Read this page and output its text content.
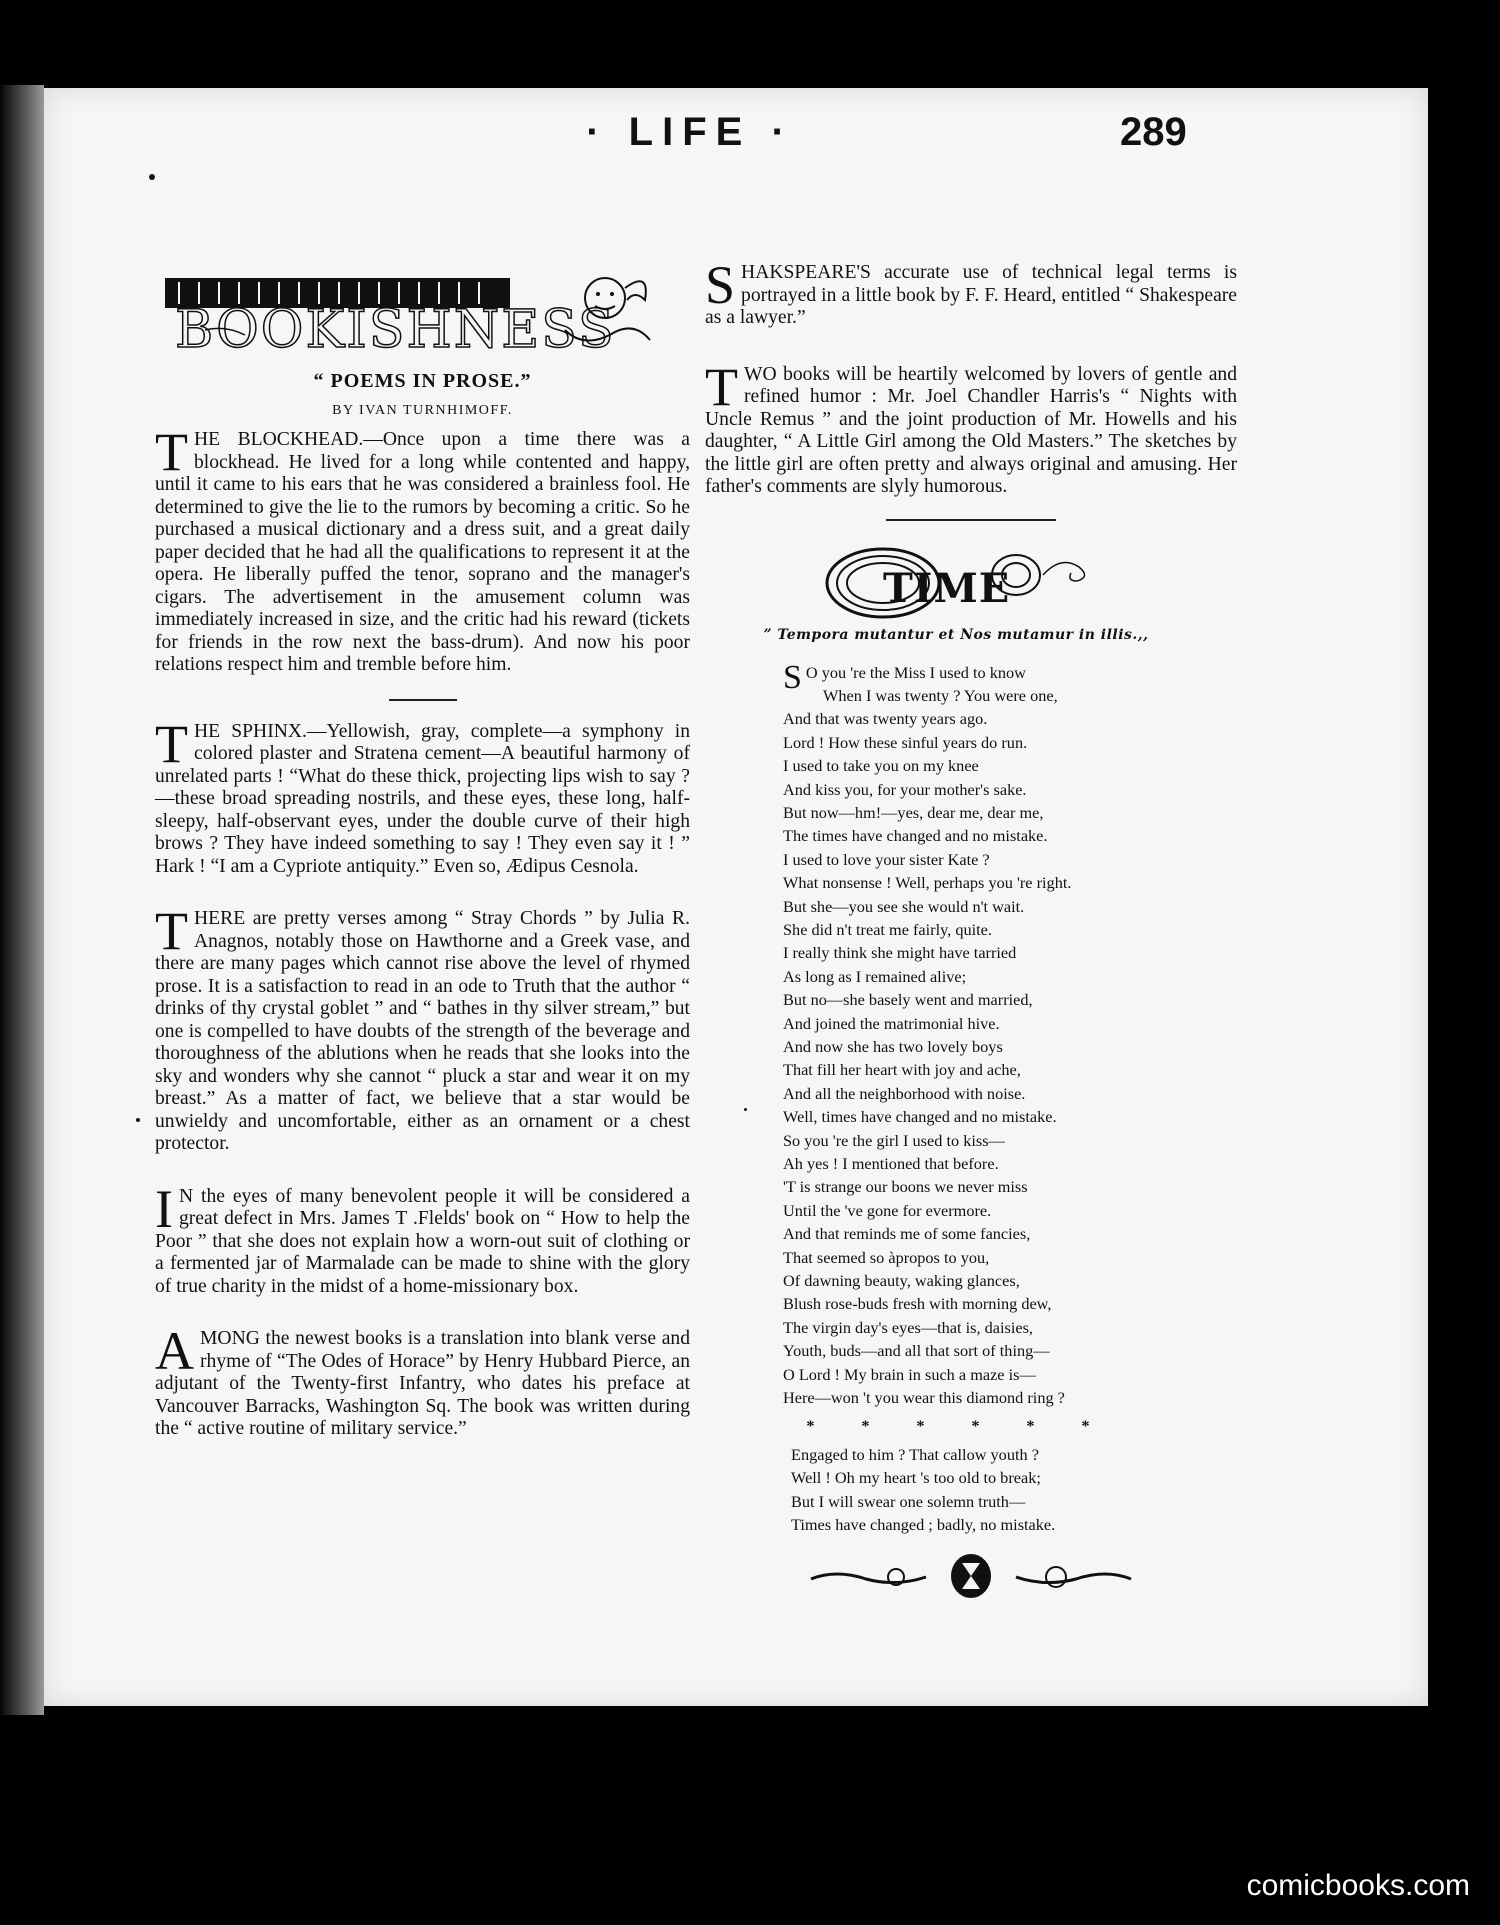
· LIFE ·	289
BOOKISHNESS
“ POEMS IN PROSE.”
BY IVAN TURNHIMOFF.

THE BLOCKHEAD.—Once upon a time there was a blockhead. He lived for a long while contented and happy, until it came to his ears that he was considered a brainless fool. He determined to give the lie to the rumors by becoming a critic. So he purchased a musical dictionary and a dress suit, and a great daily paper decided that he had all the qualifications to represent it at the opera. He liberally puffed the tenor, soprano and the manager's cigars. The advertisement in the amusement column was immediately increased in size, and the critic had his reward (tickets for friends in the row next the bass-drum). And now his poor relations respect him and tremble before him.

THE SPHINX.—Yellowish, gray, complete—a symphony in colored plaster and Stratena cement—A beautiful harmony of unrelated parts ! “What do these thick, projecting lips wish to say ?—these broad spreading nostrils, and these eyes, these long, half-sleepy, half-observant eyes, under the double curve of their high brows ? They have indeed something to say ! They even say it ! ” Hark ! “I am a Cypriote antiquity.” Even so, Ædipus Cesnola.

THERE are pretty verses among “ Stray Chords ” by Julia R. Anagnos, notably those on Hawthorne and a Greek vase, and there are many pages which cannot rise above the level of rhymed prose. It is a satisfaction to read in an ode to Truth that the author “ drinks of thy crystal goblet ” and “ bathes in thy silver stream,” but one is compelled to have doubts of the strength of the beverage and thoroughness of the ablutions when he reads that she looks into the sky and wonders why she cannot “ pluck a star and wear it on my breast.” As a matter of fact, we believe that a star would be unwieldy and uncomfortable, either as an ornament or a chest protector.

I N the eyes of many benevolent people it will be considered a great defect in Mrs. James T .Flelds' book on “ How to help the Poor ” that she does not explain how a worn-out suit of clothing or a fermented jar of Marmalade can be made to shine with the glory of true charity in the midst of a home-missionary box.

AMONG the newest books is a translation into blank verse and rhyme of “The Odes of Horace” by Henry Hubbard Pierce, an adjutant of the Twenty-first Infantry, who dates his preface at Vancouver Barracks, Washington Sq. The book was written during the “ active routine of military service.”

SHAKSPEARE'S accurate use of technical legal terms is portrayed in a little book by F. F. Heard, entitled “ Shakespeare as a lawyer.”

TWO books will be heartily welcomed by lovers of gentle and refined humor : Mr. Joel Chandler Harris's “ Nights with Uncle Remus ” and the joint production of Mr. Howells and his daughter, “ A Little Girl among the Old Masters.” The sketches by the little girl are often pretty and always original and amusing. Her father's comments are slyly humorous.

TIME
” Tempora mutantur et Nos mutamur in illis.,,
S O you 're the Miss I used to know
When I was twenty ? You were one,
And that was twenty years ago.
Lord ! How these sinful years do run.
I used to take you on my knee
And kiss you, for your mother's sake.
But now—hm!—yes, dear me, dear me,
The times have changed and no mistake.
I used to love your sister Kate ?
What nonsense ! Well, perhaps you 're right.
But she—you see she would n't wait.
She did n't treat me fairly, quite.
I really think she might have tarried
As long as I remained alive;
But no—she basely went and married,
And joined the matrimonial hive.
And now she has two lovely boys
That fill her heart with joy and ache,
And all the neighborhood with noise.
Well, times have changed and no mistake.
So you 're the girl I used to kiss—
Ah yes ! I mentioned that before.
'T is strange our boons we never miss
Until the 've gone for evermore.
And that reminds me of some fancies,
That seemed so àpropos to you,
Of dawning beauty, waking glances,
Blush rose-buds fresh with morning dew,
The virgin day's eyes—that is, daisies,
Youth, buds—and all that sort of thing—
O Lord ! My brain in such a maze is—
Here—won 't you wear this diamond ring ?
*	*	*	*	*	*
Engaged to him ? That callow youth ?
Well ! Oh my heart 's too old to break;
But I will swear one solemn truth—
Times have changed ; badly, no mistake.
comicbooks.com
